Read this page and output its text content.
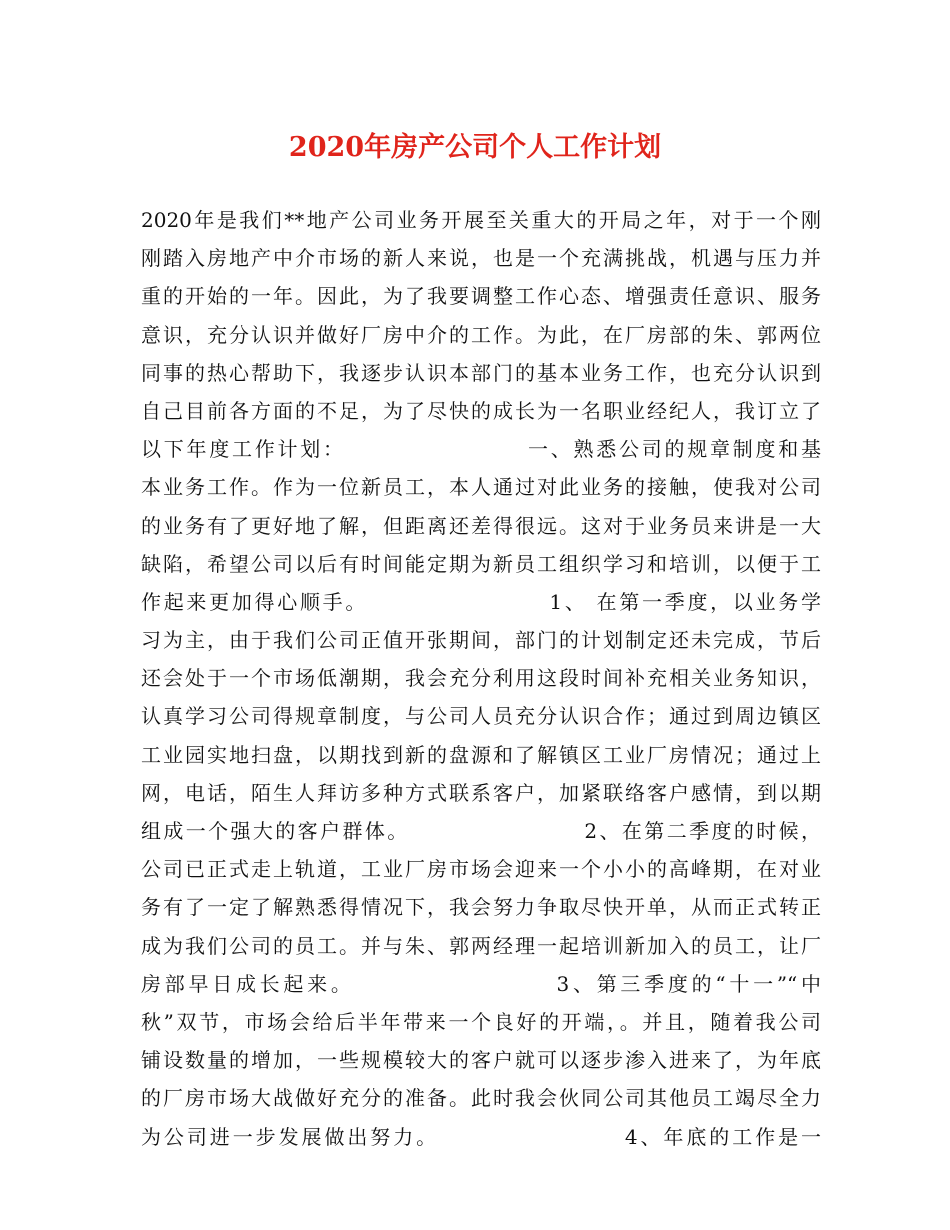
2020年房产公司个人工作计划
2020年是我们**地产公司业务开展至关重大的开局之年，对于一个刚
刚踏入房地产中介市场的新人来说，也是一个充满挑战，机遇与压力并
重的开始的一年。因此，为了我要调整工作心态、增强责任意识、服务
意识，充分认识并做好厂房中介的工作。为此，在厂房部的朱、郭两位
同事的热心帮助下，我逐步认识本部门的基本业务工作，也充分认识到
自己目前各方面的不足，为了尽快的成长为一名职业经纪人，我订立了
以下年度工作计划：                    一、熟悉公司的规章制度和基
本业务工作。作为一位新员工，本人通过对此业务的接触，使我对公司
的业务有了更好地了解，但距离还差得很远。这对于业务员来讲是一大
缺陷，希望公司以后有时间能定期为新员工组织学习和培训，以便于工
作起来更加得心顺手。                    1、 在第一季度，以业务学
习为主，由于我们公司正值开张期间，部门的计划制定还未完成，节后
还会处于一个市场低潮期，我会充分利用这段时间补充相关业务知识，
认真学习公司得规章制度，与公司人员充分认识合作；通过到周边镇区
工业园实地扫盘，以期找到新的盘源和了解镇区工业厂房情况；通过上
网，电话，陌生人拜访多种方式联系客户，加紧联络客户感情，到以期
组成一个强大的客户群体。                    2、在第二季度的时候，
公司已正式走上轨道，工业厂房市场会迎来一个小小的高峰期，在对业
务有了一定了解熟悉得情况下，我会努力争取尽快开单，从而正式转正
成为我们公司的员工。并与朱、郭两经理一起培训新加入的员工，让厂
房部早日成长起来。                    3、第三季度的“十一”“中
秋”双节，市场会给后半年带来一个良好的开端，。并且，随着我公司
铺设数量的增加，一些规模较大的客户就可以逐步渗入进来了，为年底
的厂房市场大战做好充分的准备。此时我会伙同公司其他员工竭尽全力
为公司进一步发展做出努力。                    4、年底的工作是一
